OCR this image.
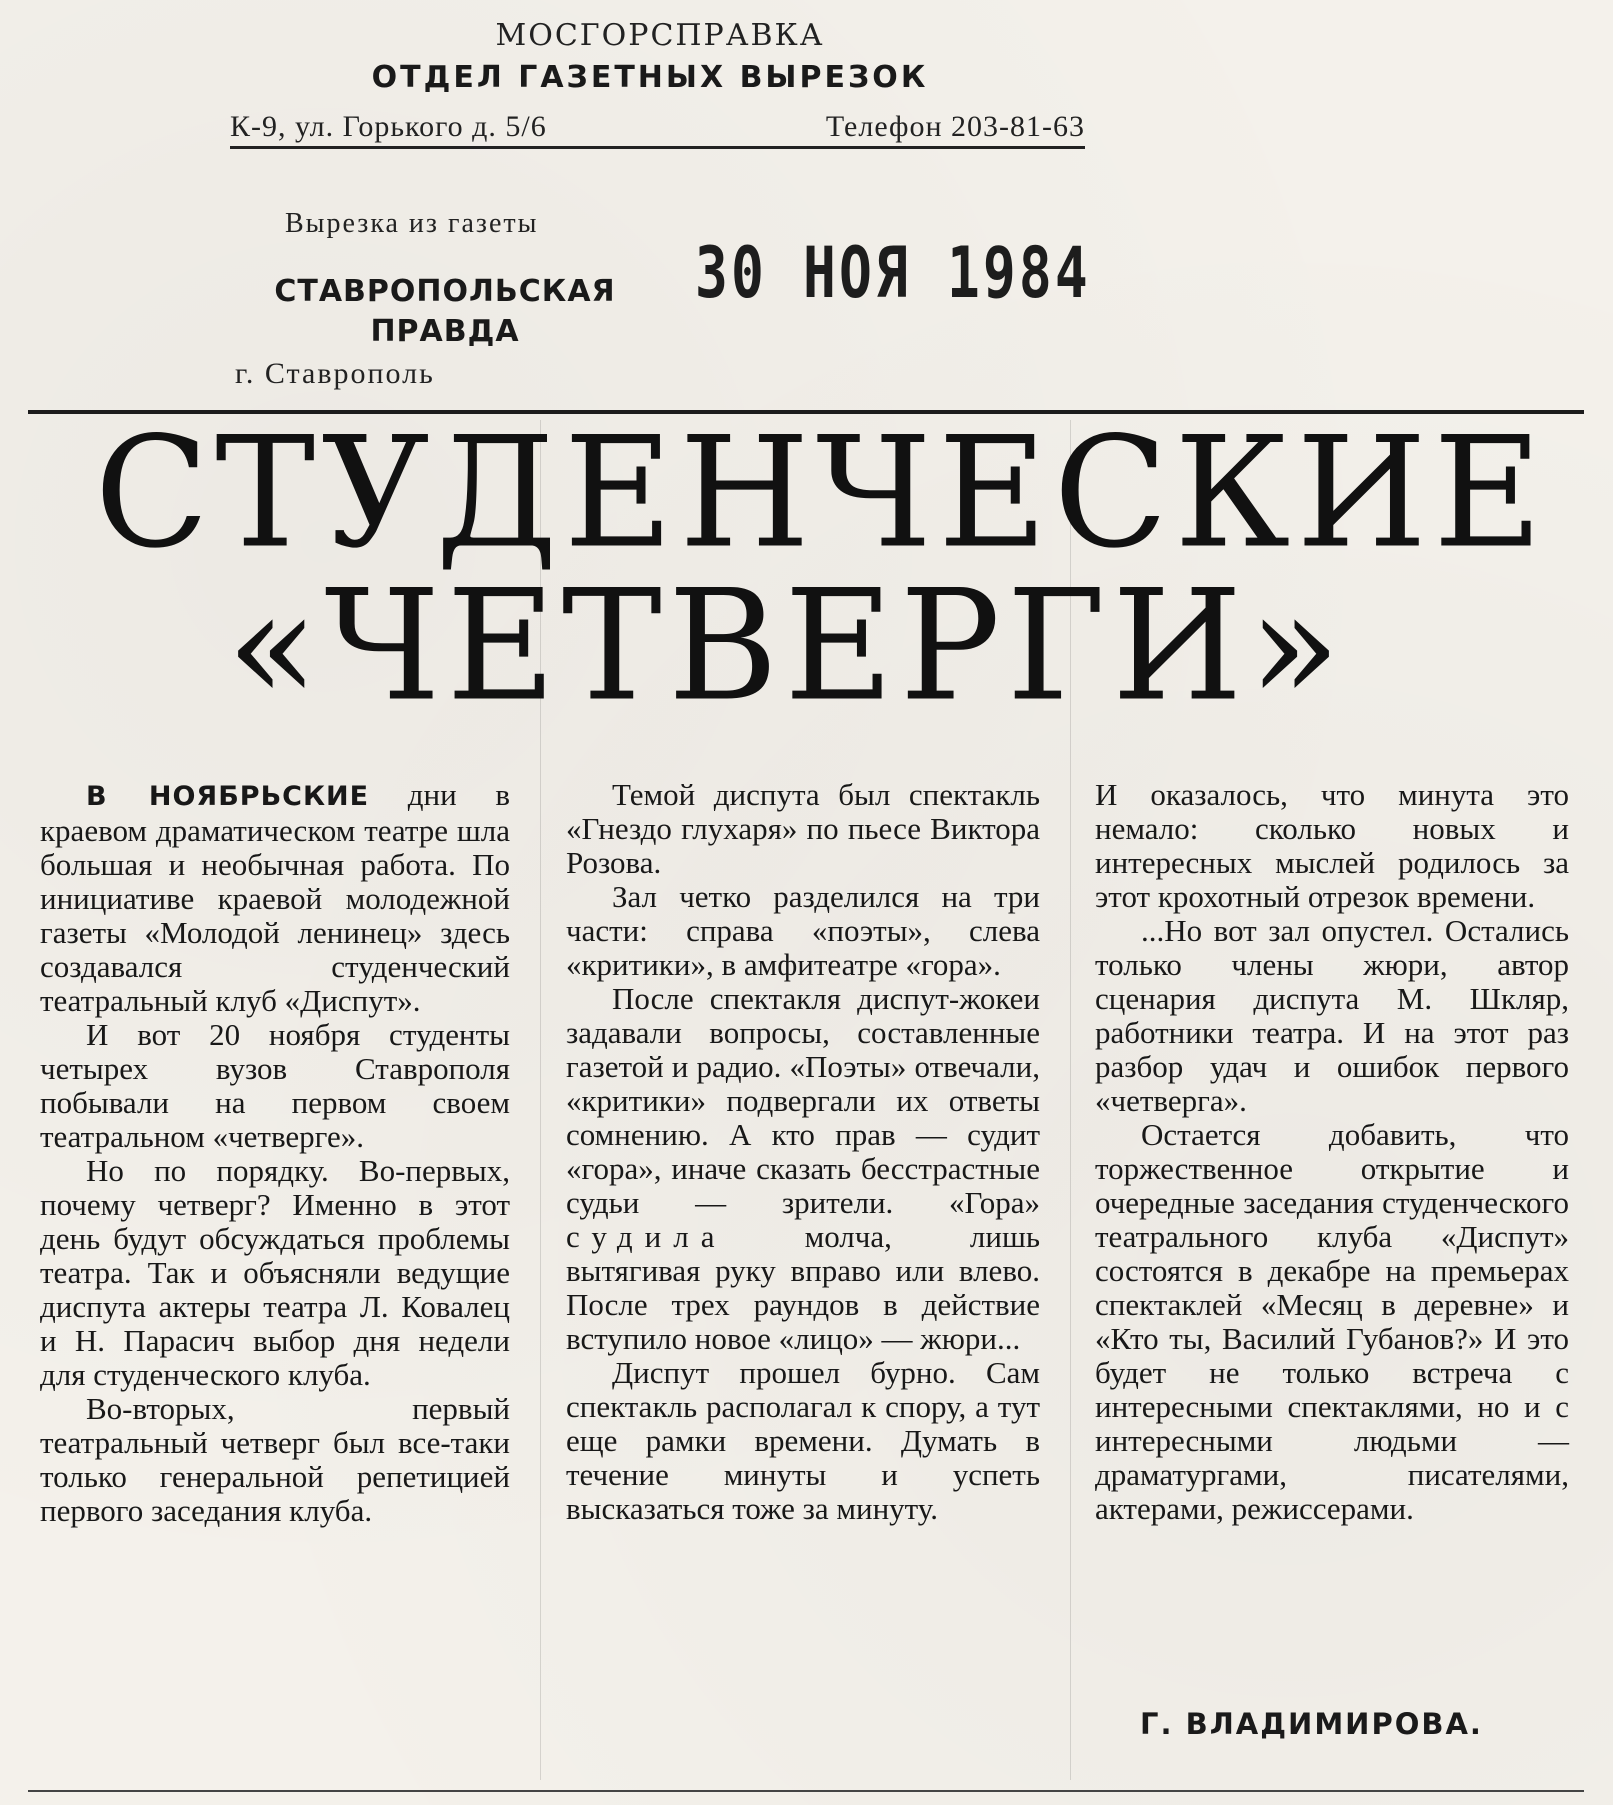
МОСГОРСПРАВКА
ОТДЕЛ ГАЗЕТНЫХ ВЫРЕЗОК
К-9, ул. Горького д. 5/6	Телефон 203-81-63
Вырезка из газеты
СТАВРОПОЛЬСКАЯ
ПРАВДА
г. Ставрополь
30 НОЯ 1984
СТУДЕНЧЕСКИЕ
«ЧЕТВЕРГИ»

В НОЯБРЬСКИЕ дни в краевом драматическом театре шла большая и необычная работа. По инициативе краевой молодежной газеты «Молодой ленинец» здесь создавался студенческий театральный клуб «Диспут».

И вот 20 ноября студенты четырех вузов Ставрополя побывали на первом своем театральном «четверге».

Но по порядку. Во-первых, почему четверг? Именно в этот день будут обсуждаться проблемы театра. Так и объясняли ведущие диспута актеры театра Л. Ковалец и Н. Парасич выбор дня недели для студенческого клуба.

Во-вторых, первый театральный четверг был все-таки только генеральной репетицией первого заседания клуба.

Темой диспута был спектакль «Гнездо глухаря» по пьесе Виктора Розова.

Зал четко разделился на три части: справа «поэты», слева «критики», в амфитеатре «гора».

После спектакля диспут-жокеи задавали вопросы, составленные газетой и радио. «Поэты» отвечали, «критики» подвергали их ответы сомнению. А кто прав — судит «гора», иначе сказать бесстрастные судьи — зрители. «Гора» судила	молча, лишь вытягивая руку вправо или влево. После трех раундов в действие вступило новое «лицо» — жюри...

Диспут прошел бурно. Сам спектакль располагал к спору, а тут еще рамки времени. Думать в течение минуты и успеть высказаться тоже за минуту.

И оказалось, что минута это немало: сколько новых и интересных мыслей родилось за этот крохотный отрезок времени.

...Но вот зал опустел. Остались только члены жюри, автор сценария диспута М. Шкляр, работники театра. И на этот раз разбор удач и ошибок первого «четверга».

Остается добавить, что торжественное открытие и очередные заседания студенческого театрального клуба «Диспут» состоятся в декабре на премьерах спектаклей «Месяц в деревне» и «Кто ты, Василий Губанов?» И это будет не только встреча с интересными спектаклями, но и с интересными людьми — драматургами, писателями, актерами, режиссерами.

Г. ВЛАДИМИРОВА.
